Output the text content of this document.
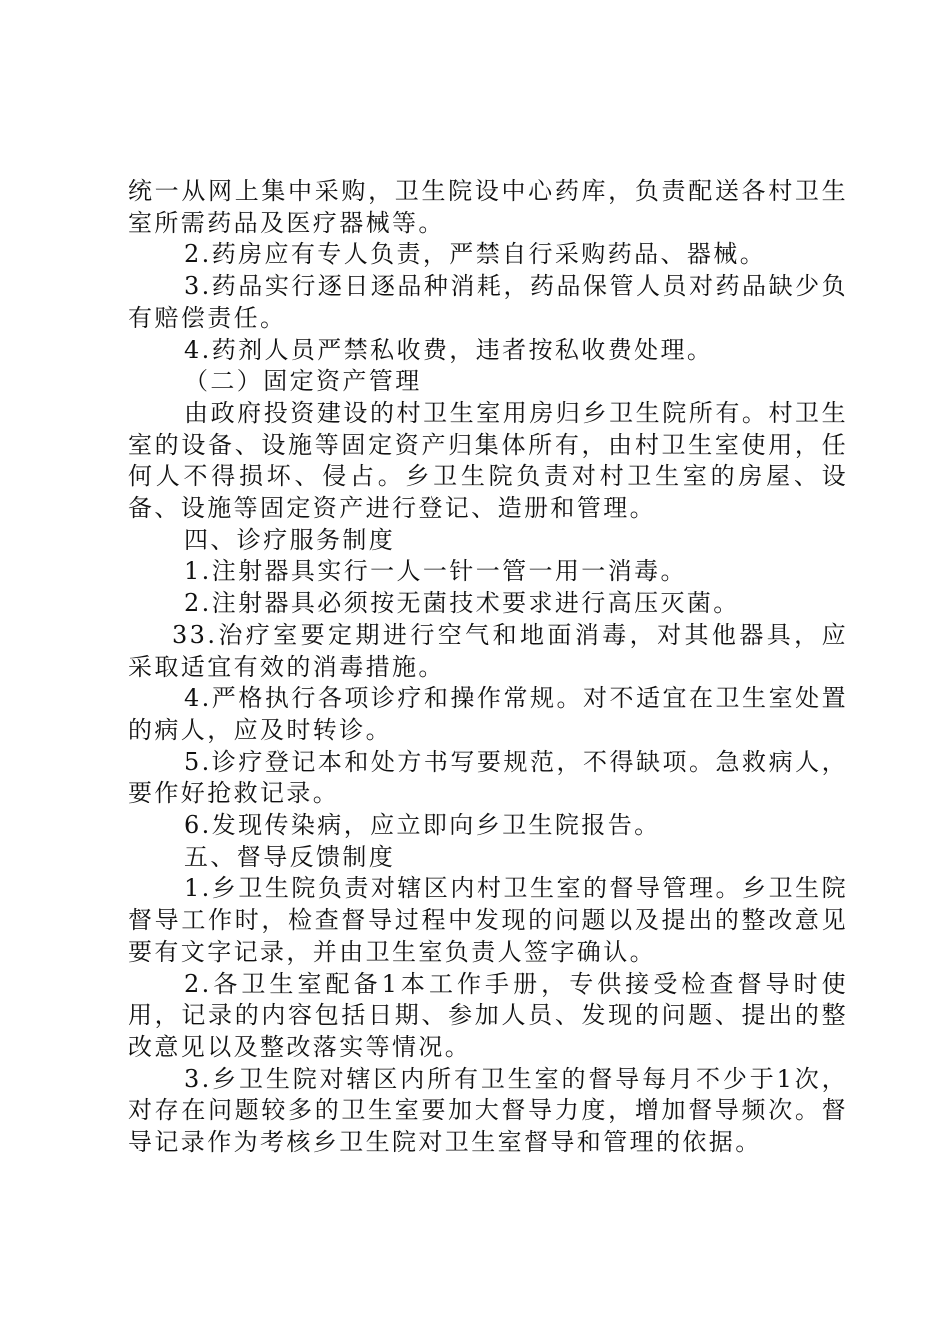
统一从网上集中采购，卫生院设中心药库，负责配送各村卫生室所需药品及医疗器械等。

2.药房应有专人负责，严禁自行采购药品、器械。

3.药品实行逐日逐品种消耗，药品保管人员对药品缺少负有赔偿责任。

4.药剂人员严禁私收费，违者按私收费处理。

（二）固定资产管理

由政府投资建设的村卫生室用房归乡卫生院所有。村卫生室的设备、设施等固定资产归集体所有，由村卫生室使用，任何人不得损坏、侵占。乡卫生院负责对村卫生室的房屋、设备、设施等固定资产进行登记、造册和管理。

四、诊疗服务制度

1.注射器具实行一人一针一管一用一消毒。

2.注射器具必须按无菌技术要求进行高压灭菌。

33.治疗室要定期进行空气和地面消毒，对其他器具，应采取适宜有效的消毒措施。

4.严格执行各项诊疗和操作常规。对不适宜在卫生室处置的病人，应及时转诊。

5.诊疗登记本和处方书写要规范，不得缺项。急救病人，要作好抢救记录。

6.发现传染病，应立即向乡卫生院报告。

五、督导反馈制度

1.乡卫生院负责对辖区内村卫生室的督导管理。乡卫生院督导工作时，检查督导过程中发现的问题以及提出的整改意见要有文字记录，并由卫生室负责人签字确认。

2.各卫生室配备1本工作手册，专供接受检查督导时使用，记录的内容包括日期、参加人员、发现的问题、提出的整改意见以及整改落实等情况。

3.乡卫生院对辖区内所有卫生室的督导每月不少于1次，对存在问题较多的卫生室要加大督导力度，增加督导频次。督导记录作为考核乡卫生院对卫生室督导和管理的依据。
